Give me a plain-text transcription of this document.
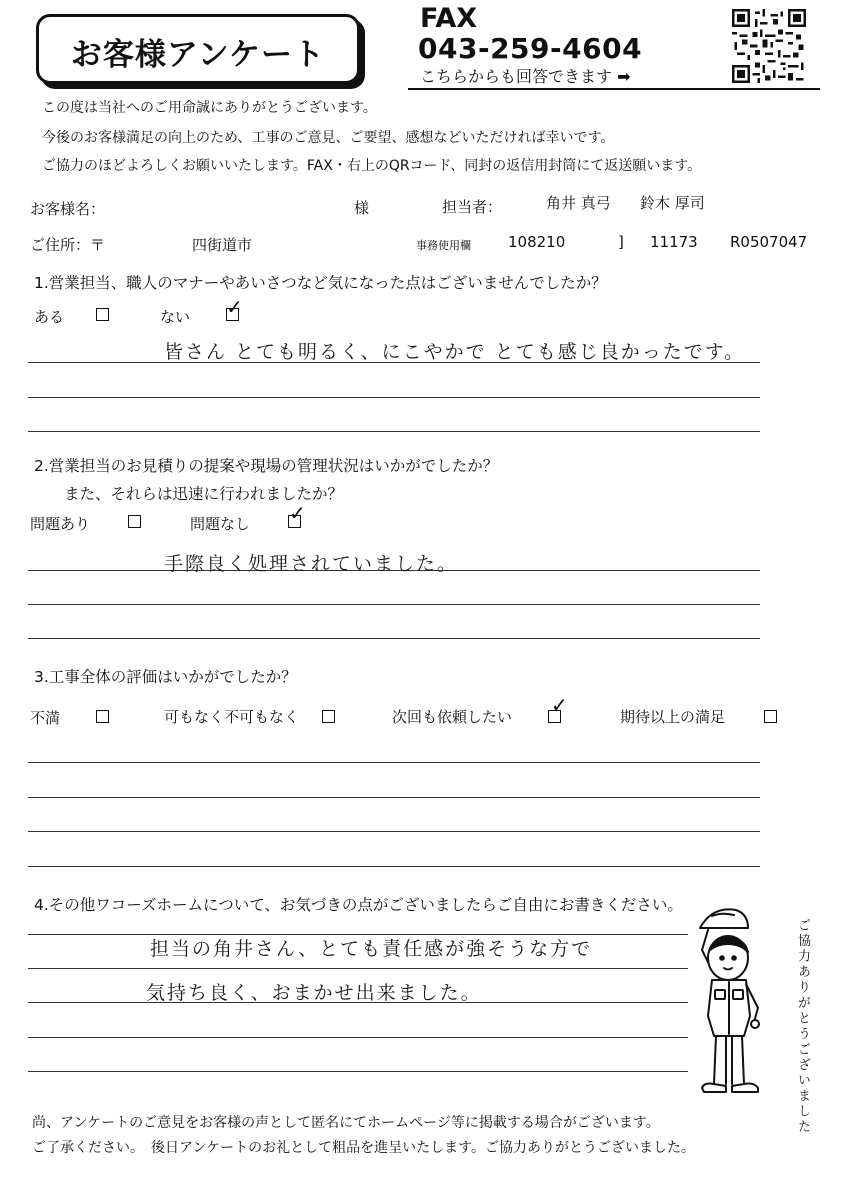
お客様アンケート
FAX
043-259-4604
こちらからも回答できます ➡
この度は当社へのご用命誠にありがとうございます。
今後のお客様満足の向上のため、工事のご意見、ご要望、感想などいただければ幸いです。
ご協力のほどよろしくお願いいたします。FAX・右上のQRコード、同封の返信用封筒にて返送願います。
お客様名：	様	担当者：	角井 真弓 鈴木 厚司
ご住所：〒	四街道市	事務使用欄 108210	] 11173 R0507047
1.営業担当、職人のマナーやあいさつなど気になった点はございませんでしたか？
ある	ない ✓
皆さん とても明るく、にこやかで とても感じ良かったです。
2.営業担当のお見積りの提案や現場の管理状況はいかがでしたか？
また、それらは迅速に行われましたか？
問題あり	問題なし ✓
手際良く処理されていました。
3.工事全体の評価はいかがでしたか？
不満	可もなく不可もなく	次回も依頼したい ✓	期待以上の満足
4.その他ワコーズホームについて、お気づきの点がございましたらご自由にお書きください。
担当の角井さん、とても責任感が強そうな方で
気持ち良く、おまかせ出来ました。	ご協力ありがとうございました
尚、アンケートのご意見をお客様の声として匿名にてホームページ等に掲載する場合がございます。
ご了承ください。　後日アンケートのお礼として粗品を進呈いたします。ご協力ありがとうございました。
